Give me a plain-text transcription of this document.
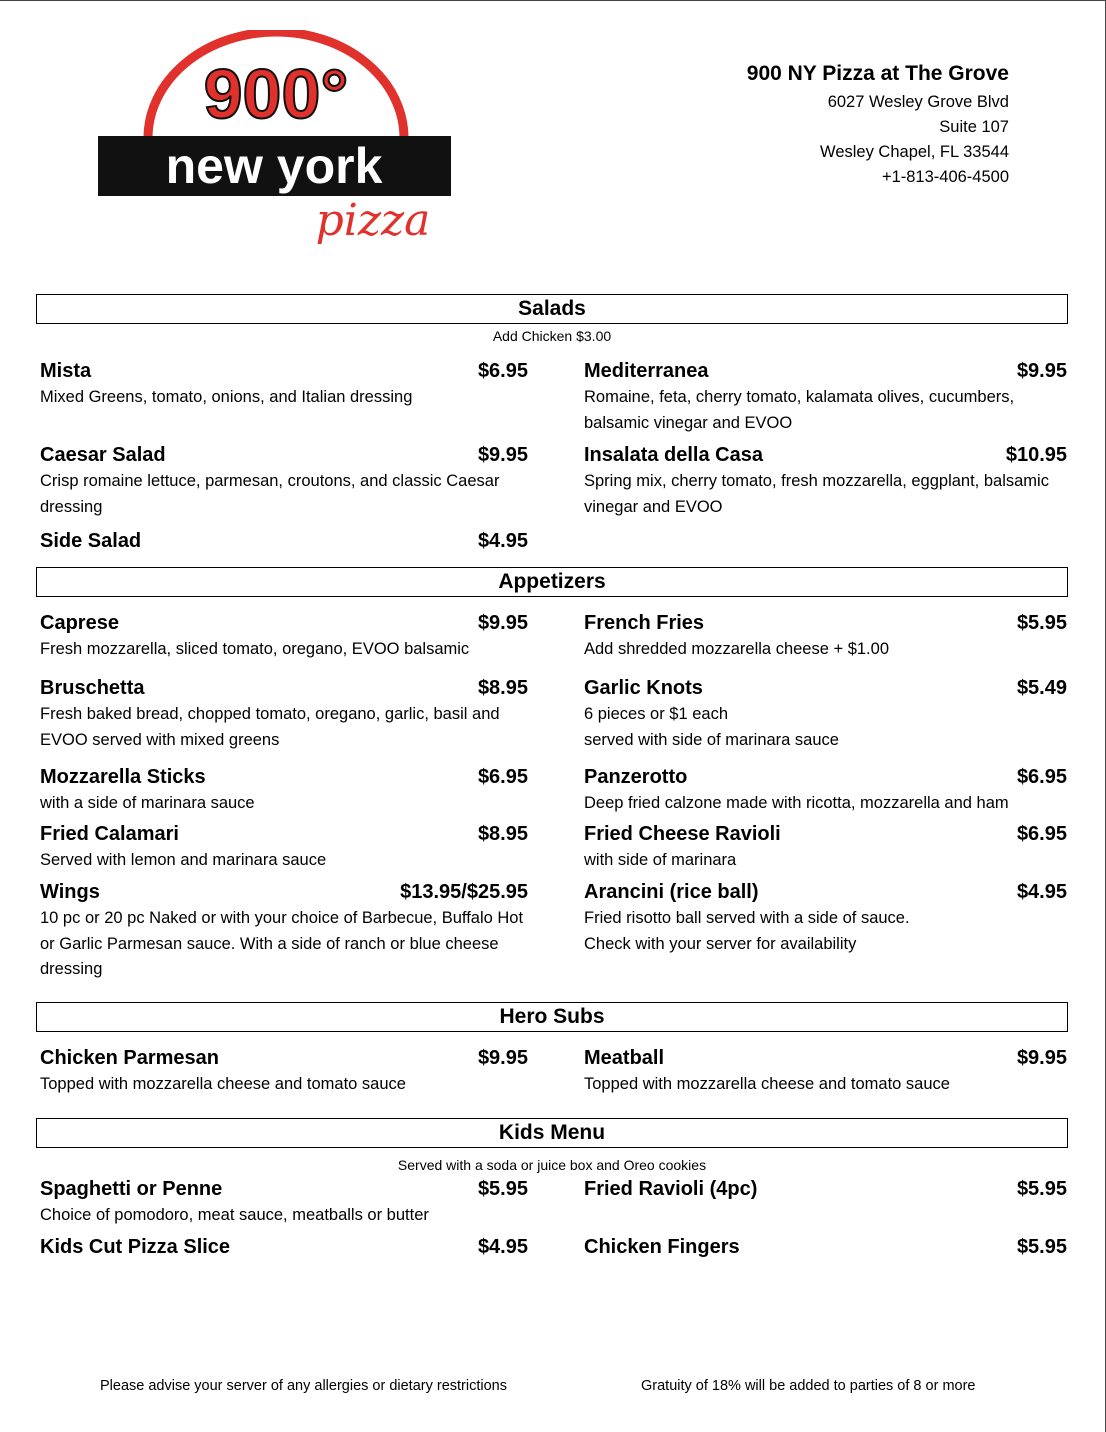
900°
new york
pizza
900 NY Pizza at The Grove
6027 Wesley Grove Blvd
Suite 107
Wesley Chapel, FL 33544
+1-813-406-4500
Salads
Add Chicken $3.00
Mista	$6.95
Mixed Greens, tomato, onions, and Italian dressing
Mediterranea	$9.95
Romaine, feta, cherry tomato, kalamata olives, cucumbers, balsamic vinegar and EVOO
Caesar Salad	$9.95
Crisp romaine lettuce, parmesan, croutons, and classic Caesar dressing
Insalata della Casa	$10.95
Spring mix, cherry tomato, fresh mozzarella, eggplant, balsamic vinegar and EVOO
Side Salad	$4.95
Appetizers
Caprese	$9.95
Fresh mozzarella, sliced tomato, oregano, EVOO balsamic
French Fries	$5.95
Add shredded mozzarella cheese + $1.00
Bruschetta	$8.95
Fresh baked bread, chopped tomato, oregano, garlic, basil and EVOO served with mixed greens
Garlic Knots	$5.49
6 pieces or $1 each
served with side of marinara sauce
Mozzarella Sticks	$6.95
with a side of marinara sauce
Panzerotto	$6.95
Deep fried calzone made with ricotta, mozzarella and ham
Fried Calamari	$8.95
Served with lemon and marinara sauce
Fried Cheese Ravioli	$6.95
with side of marinara
Wings	$13.95/$25.95
10 pc or 20 pc Naked or with your choice of Barbecue, Buffalo Hot or Garlic Parmesan sauce. With a side of ranch or blue cheese dressing
Arancini (rice ball)	$4.95
Fried risotto ball served with a side of sauce.
Check with your server for availability
Hero Subs
Chicken Parmesan	$9.95
Topped with mozzarella cheese and tomato sauce
Meatball	$9.95
Topped with mozzarella cheese and tomato sauce
Kids Menu
Served with a soda or juice box and Oreo cookies
Spaghetti or Penne	$5.95
Choice of pomodoro, meat sauce, meatballs or butter
Fried Ravioli (4pc)	$5.95
Kids Cut Pizza Slice	$4.95	Chicken Fingers	$5.95
Please advise your server of any allergies or dietary restrictions	Gratuity of 18% will be added to parties of 8 or more
